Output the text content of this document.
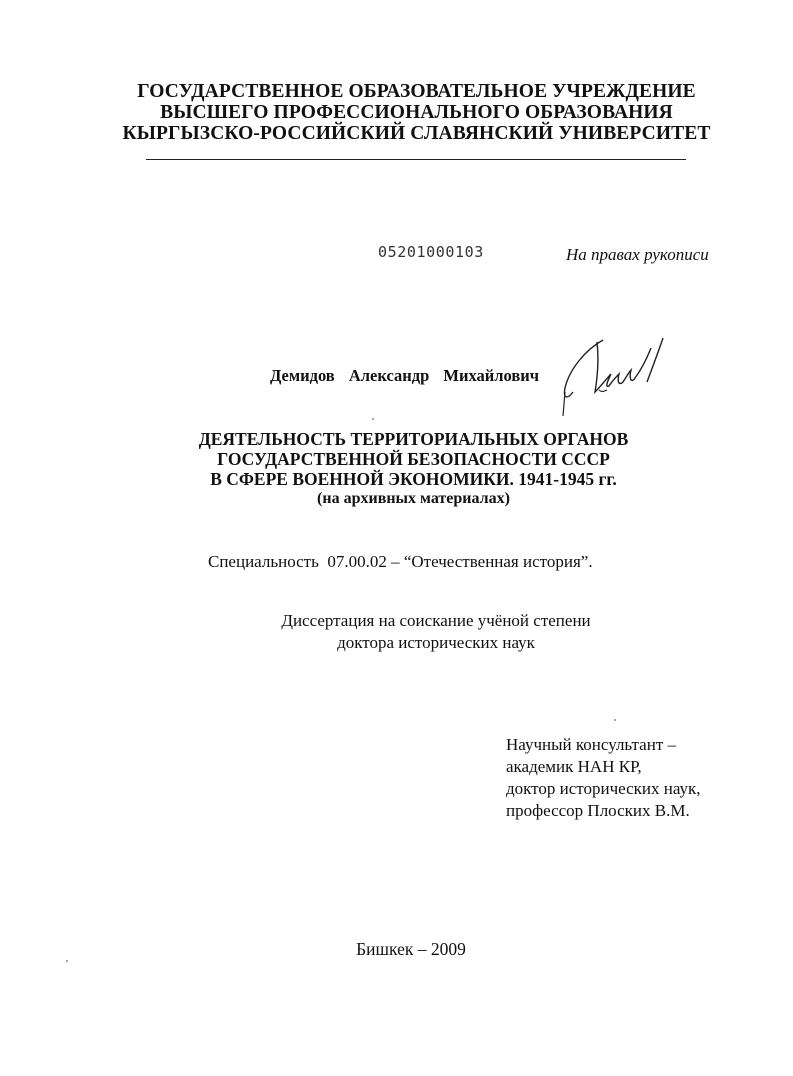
ГОСУДАРСТВЕННОЕ ОБРАЗОВАТЕЛЬНОЕ УЧРЕЖДЕНИЕ
ВЫСШЕГО ПРОФЕССИОНАЛЬНОГО ОБРАЗОВАНИЯ
КЫРГЫЗСКО-РОССИЙСКИЙ СЛАВЯНСКИЙ УНИВЕРСИТЕТ
05201000103	На правах рукописи
Демидов Александр Михайлович
ДЕЯТЕЛЬНОСТЬ ТЕРРИТОРИАЛЬНЫХ ОРГАНОВ
ГОСУДАРСТВЕННОЙ БЕЗОПАСНОСТИ СССР
В СФЕРЕ ВОЕННОЙ ЭКОНОМИКИ. 1941-1945 гг.
(на архивных материалах)
Специальность  07.00.02 – “Отечественная история”.
Диссертация на соискание учёной степени
доктора исторических наук
Научный консультант –
академик НАН КР,
доктор исторических наук,
профессор Плоских В.М.
Бишкек – 2009
